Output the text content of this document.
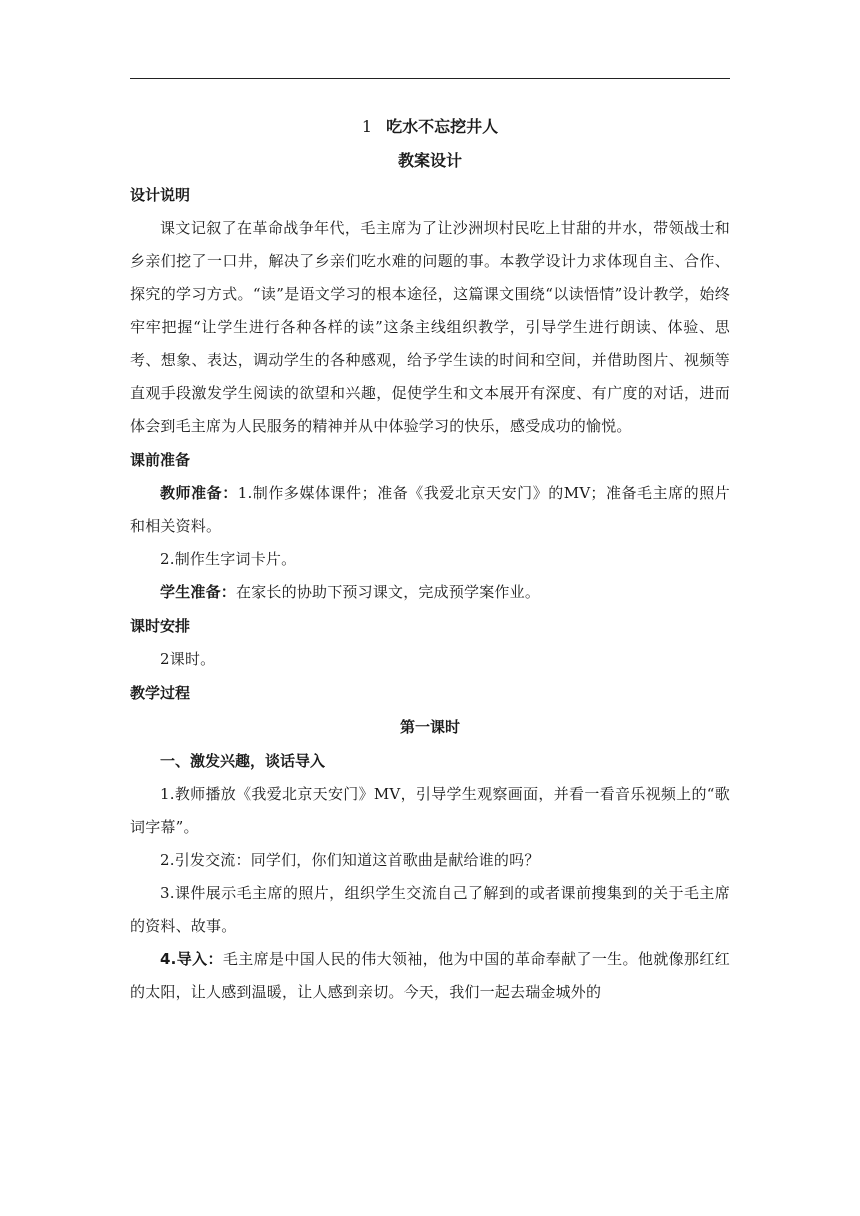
1 吃水不忘挖井人

教案设计

设计说明

课文记叙了在革命战争年代，毛主席为了让沙洲坝村民吃上甘甜的井水，带领战士和乡亲们挖了一口井，解决了乡亲们吃水难的问题的事。本教学设计力求体现自主、合作、探究的学习方式。“读”是语文学习的根本途径，这篇课文围绕“以读悟情”设计教学，始终牢牢把握“让学生进行各种各样的读”这条主线组织教学，引导学生进行朗读、体验、思考、想象、表达，调动学生的各种感观，给予学生读的时间和空间，并借助图片、视频等直观手段激发学生阅读的欲望和兴趣，促使学生和文本展开有深度、有广度的对话，进而体会到毛主席为人民服务的精神并从中体验学习的快乐，感受成功的愉悦。

课前准备

教师准备：1.制作多媒体课件；准备《我爱北京天安门》的MV；准备毛主席的照片和相关资料。

2.制作生字词卡片。

学生准备：在家长的协助下预习课文，完成预学案作业。

课时安排

2课时。

教学过程

第一课时

一、激发兴趣，谈话导入

1.教师播放《我爱北京天安门》MV，引导学生观察画面，并看一看音乐视频上的“歌词字幕”。

2.引发交流：同学们，你们知道这首歌曲是献给谁的吗？

3.课件展示毛主席的照片，组织学生交流自己了解到的或者课前搜集到的关于毛主席的资料、故事。

4.导入：毛主席是中国人民的伟大领袖，他为中国的革命奉献了一生。他就像那红红的太阳，让人感到温暖，让人感到亲切。今天，我们一起去瑞金城外的
